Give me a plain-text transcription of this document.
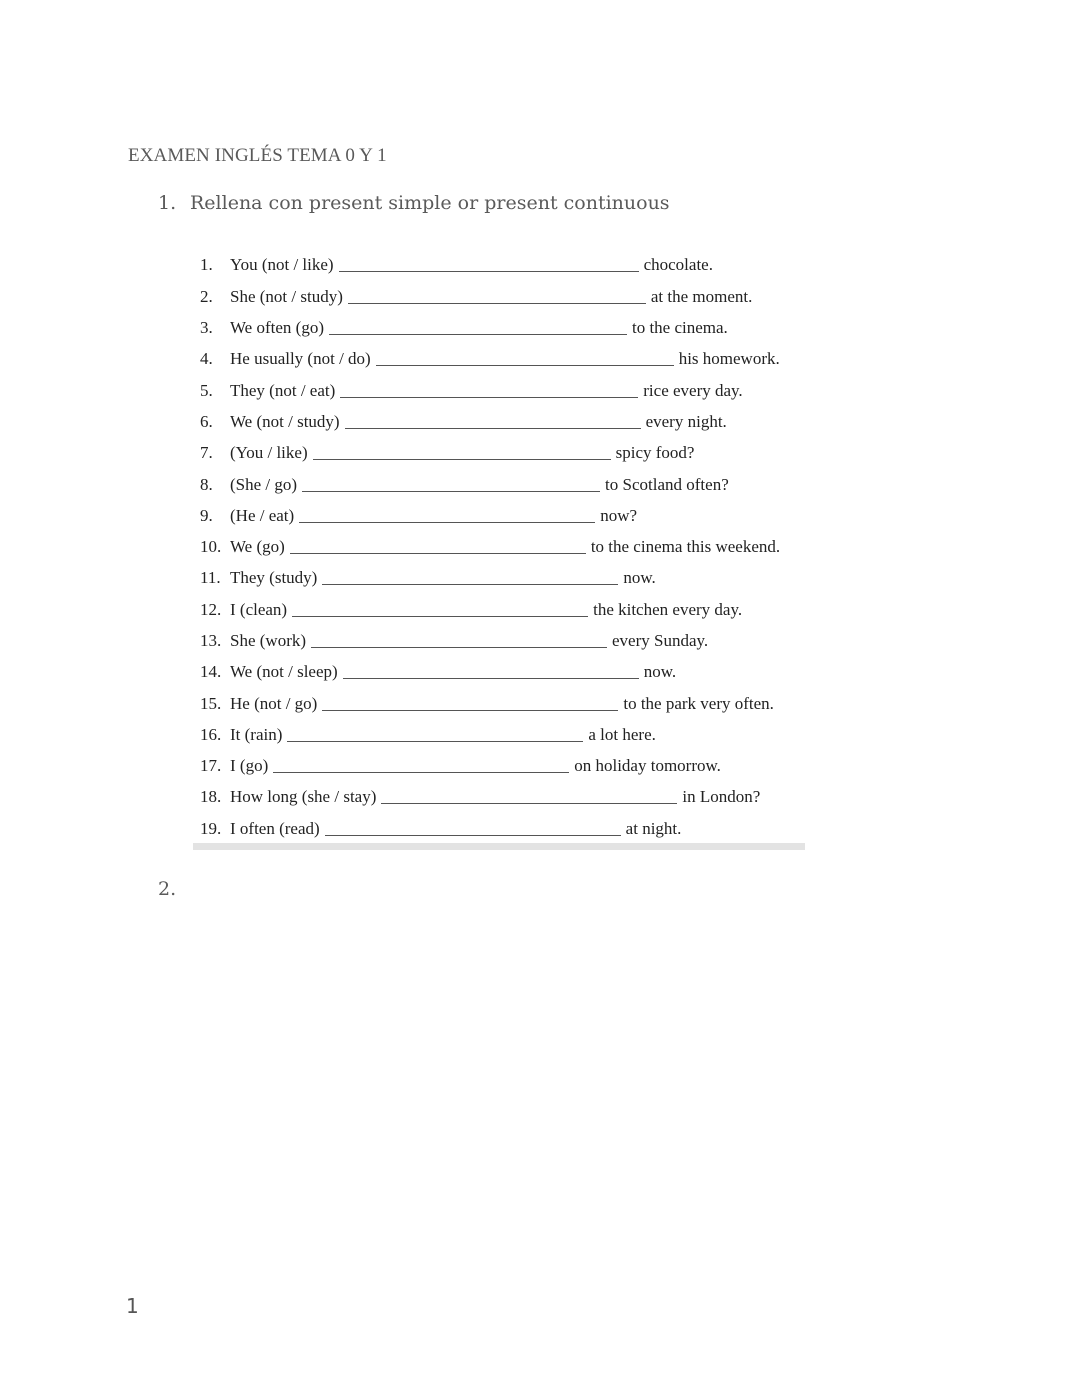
EXAMEN INGLÉS TEMA 0 Y 1
1. Rellena con present simple or present continuous
1. You (not / like)	chocolate.
2. She (not / study)	at the moment.
3. We often (go)	to the cinema.
4. He usually (not / do)	his homework.
5. They (not / eat)	rice every day.
6. We (not / study)	every night.
7. (You / like)	spicy food?
8. (She / go)	to Scotland often?
9. (He / eat)	now?
10. We (go)	to the cinema this weekend.
11. They (study)	now.
12. I (clean)	the kitchen every day.
13. She (work)	every Sunday.
14. We (not / sleep)	now.
15. He (not / go)	to the park very often.
16. It (rain)	a lot here.
17. I (go)	on holiday tomorrow.
18. How long (she / stay)	in London?
19. I often (read)	at night.
2.
1
